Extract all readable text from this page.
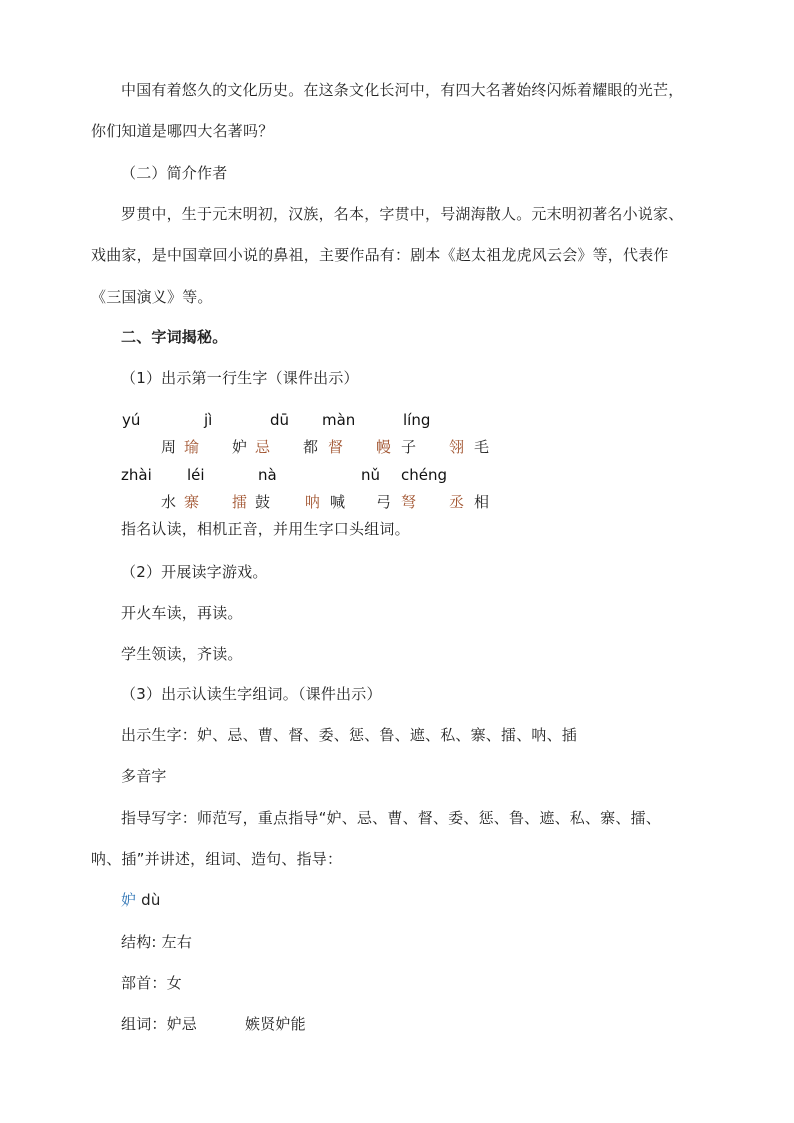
中国有着悠久的文化历史。在这条文化长河中，有四大名著始终闪烁着耀眼的光芒，
你们知道是哪四大名著吗？
（二）简介作者
罗贯中，生于元末明初，汉族，名本，字贯中，号湖海散人。元末明初著名小说家、
戏曲家，是中国章回小说的鼻祖，主要作品有：剧本《赵太祖龙虎风云会》等，代表作
《三国演义》等。
二、字词揭秘。
（1）出示第一行生字（课件出示）
yú	jì	dū màn	líng
周 瑜 妒 忌 都 督 幔 子 翎 毛
zhài léi	nà	nǔ chéng
水 寨 擂 鼓 呐 喊 弓 弩 丞 相
指名认读，相机正音，并用生字口头组词。
（2）开展读字游戏。
开火车读，再读。
学生领读，齐读。
（3）出示认读生字组词。（课件出示）
出示生字：妒、忌、曹、督、委、惩、鲁、遮、私、寨、擂、呐、插
多音字
指导写字：师范写，重点指导“妒、忌、曹、督、委、惩、鲁、遮、私、寨、擂、
呐、插”并讲述，组词、造句、指导：
妒 dù
结构: 左右
部首：女
组词：妒忌	嫉贤妒能
